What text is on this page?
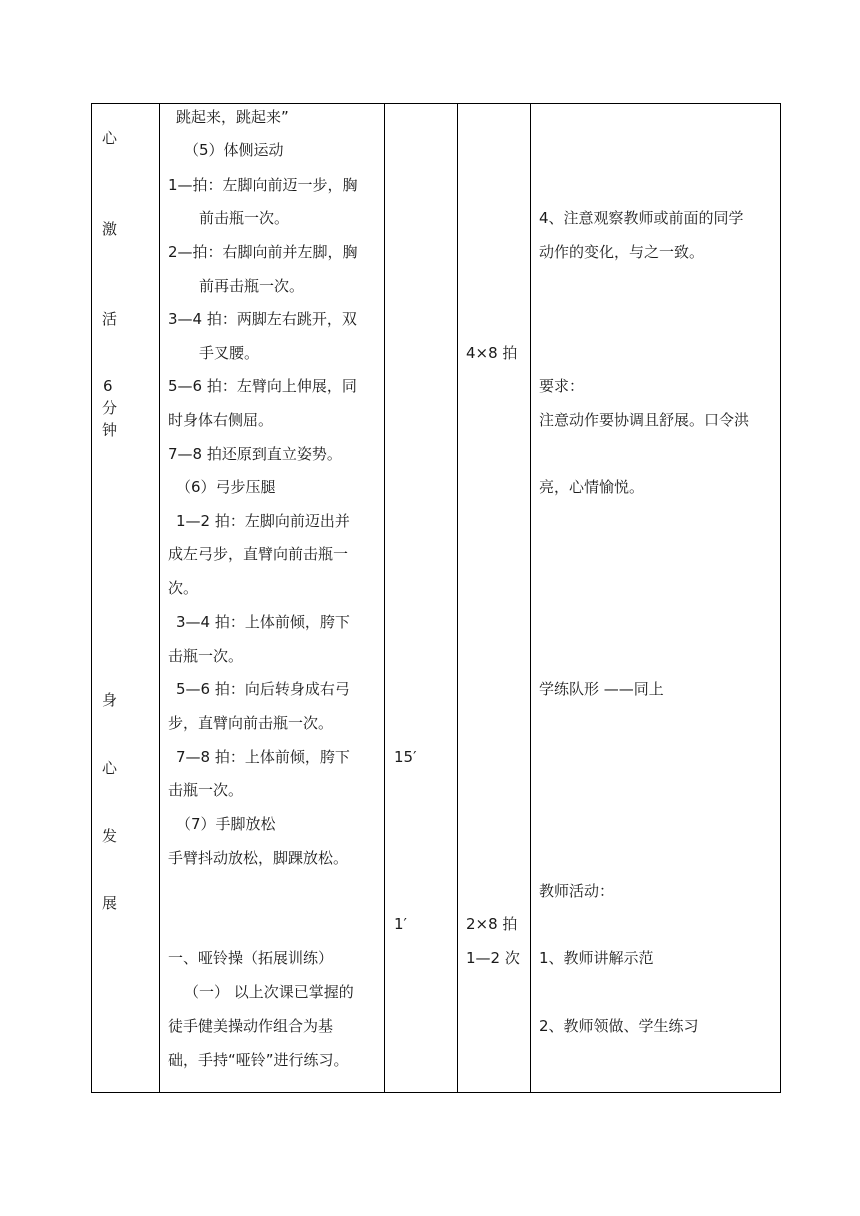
心
激
活
6
分
钟
身
心
发
展
跳起来，跳起来”
（5）体侧运动
1—拍：左脚向前迈一步，胸
前击瓶一次。
2—拍：右脚向前并左脚，胸
前再击瓶一次。
3—4 拍：两脚左右跳开，双
手叉腰。
5—6 拍：左臂向上伸展，同
时身体右侧屈。
7—8 拍还原到直立姿势。
（6）弓步压腿
1—2 拍：左脚向前迈出并
成左弓步，直臂向前击瓶一
次。
3—4 拍：上体前倾，胯下
击瓶一次。
5—6 拍：向后转身成右弓
步，直臂向前击瓶一次。
7—8 拍：上体前倾，胯下
击瓶一次。
（7）手脚放松
手臂抖动放松，脚踝放松。
一、哑铃操（拓展训练）
（一） 以上次课已掌握的
徒手健美操动作组合为基
础，手持“哑铃”进行练习。
15′
1′
4×8 拍
2×8 拍
1—2 次
4、注意观察教师或前面的同学
动作的变化，与之一致。
要求：
注意动作要协调且舒展。口令洪
亮，心情愉悦。
学练队形 ——同上
教师活动：
1、教师讲解示范
2、教师领做、学生练习
